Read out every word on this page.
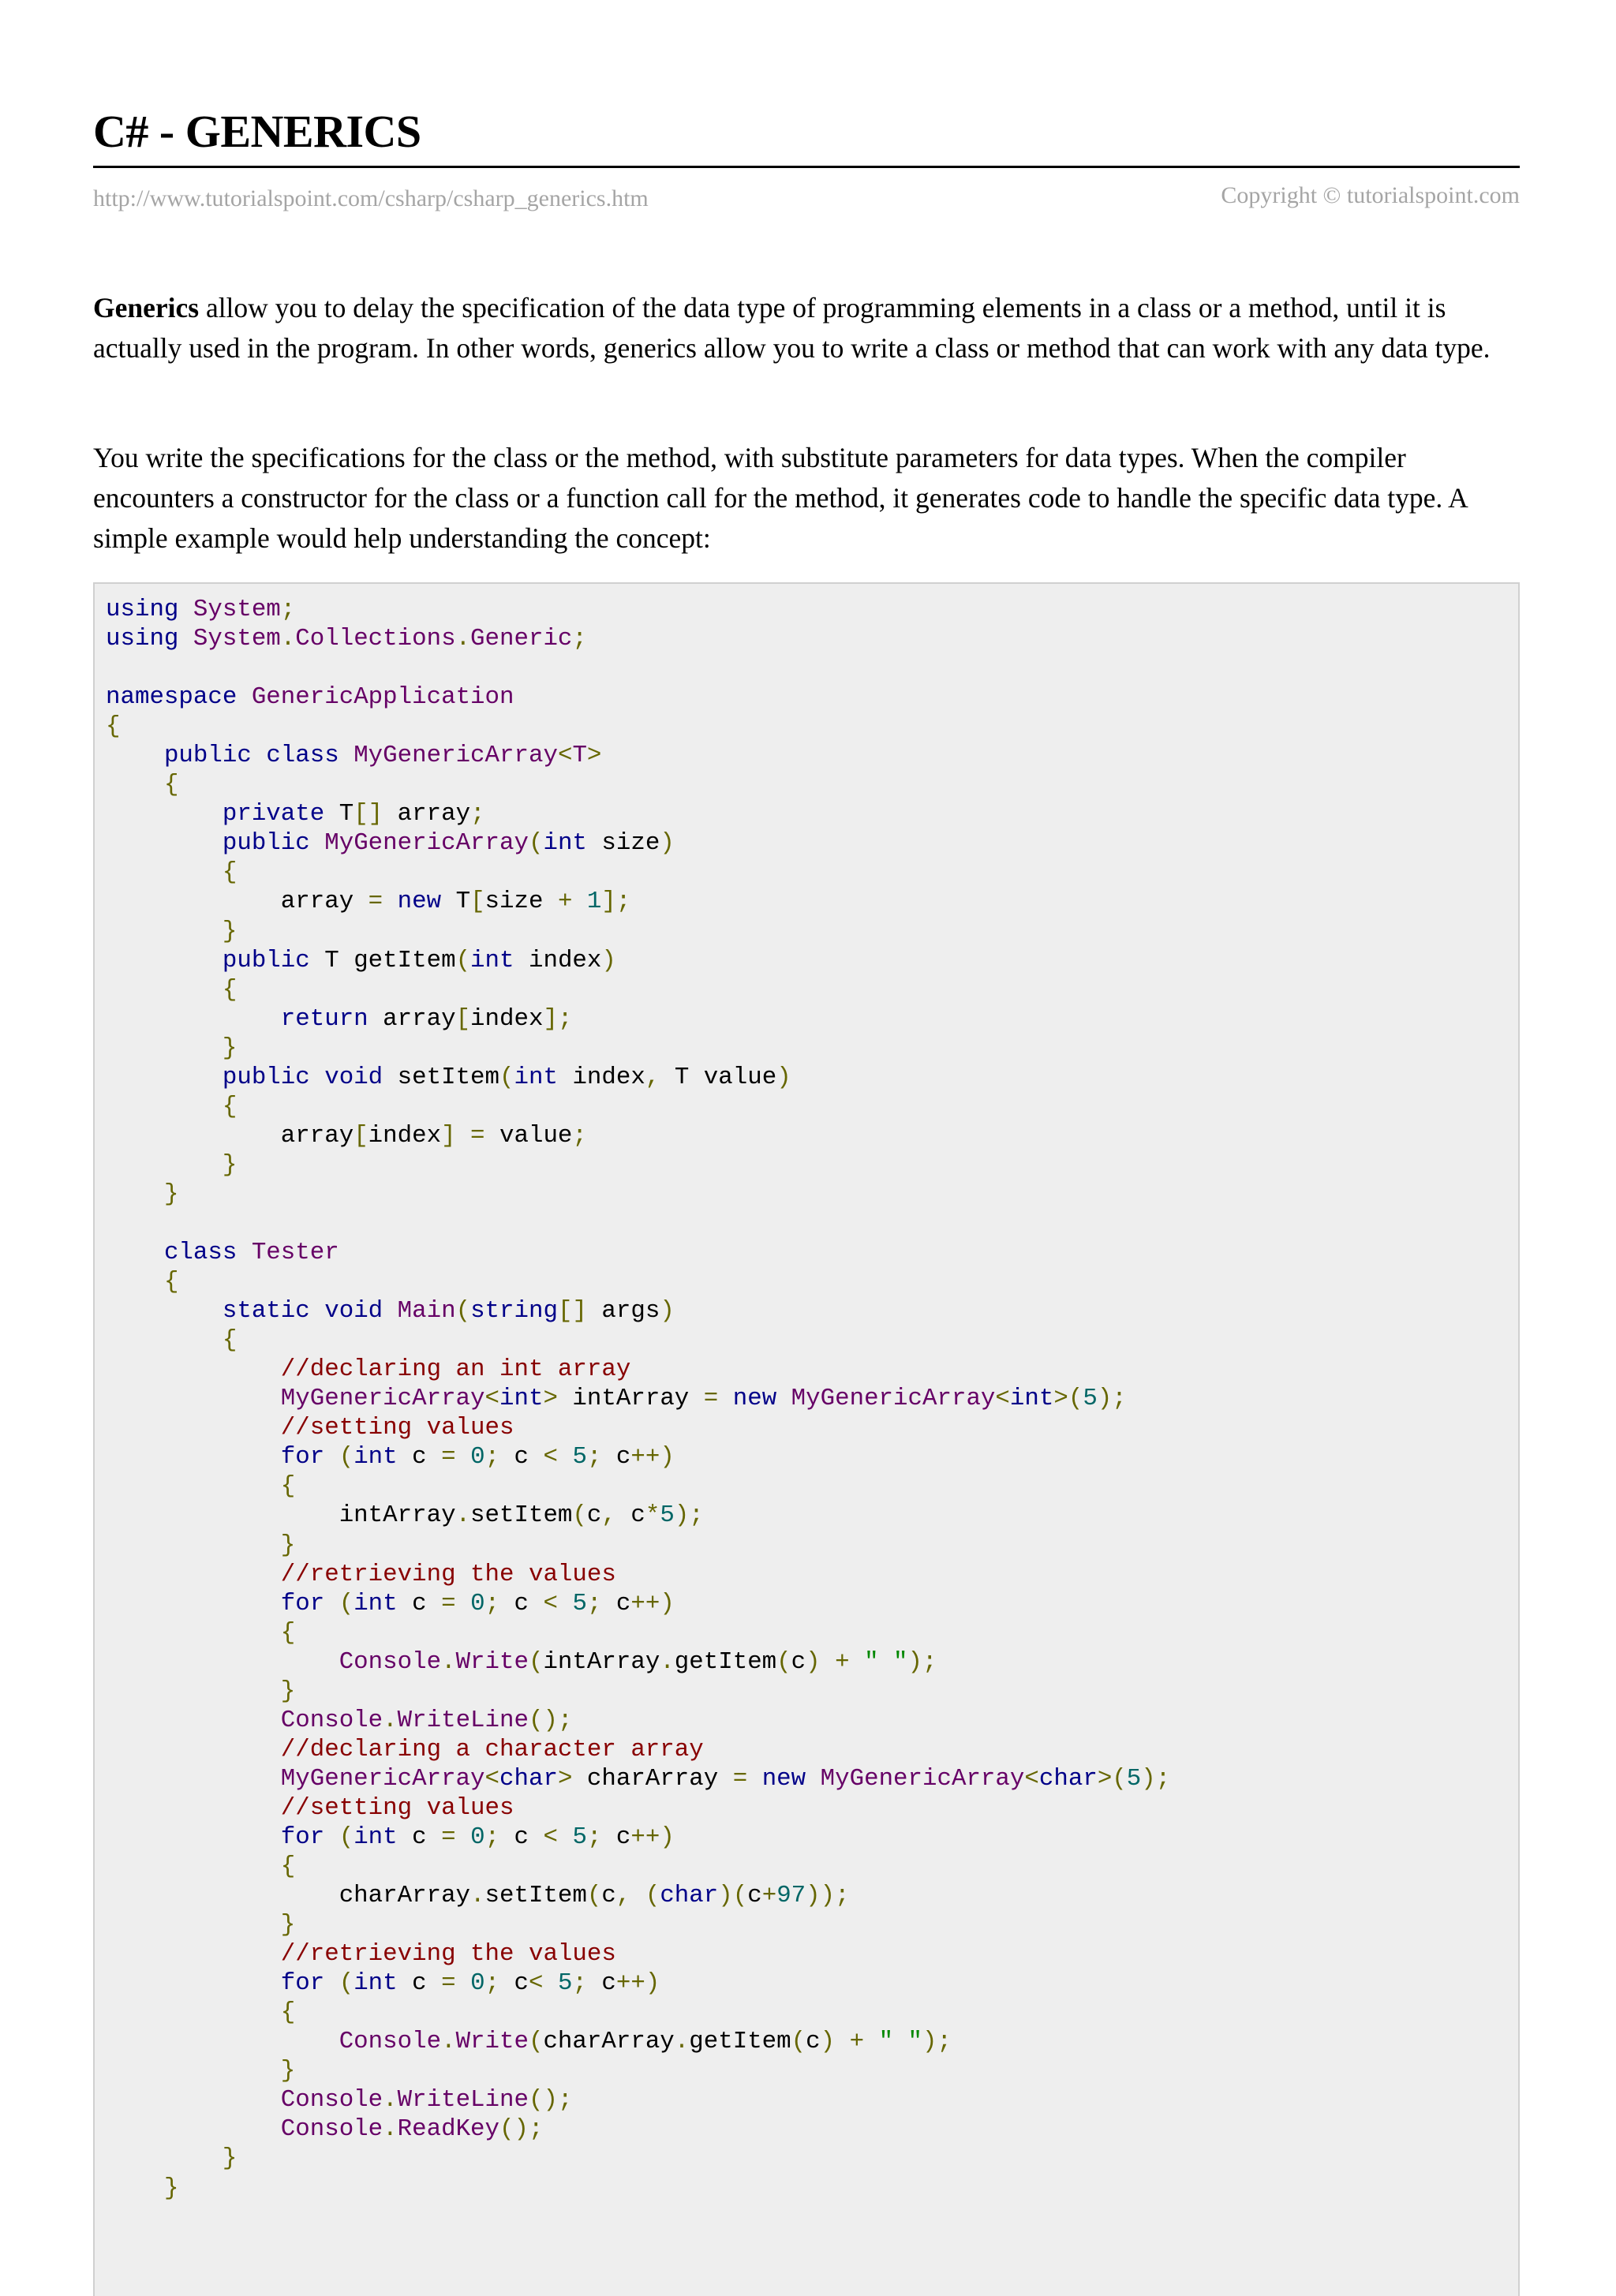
C# - GENERICS
http://www.tutorialspoint.com/csharp/csharp_generics.htm	Copyright © tutorialspoint.com

Generics allow you to delay the specification of the data type of programming elements in a class or a method, until it is actually used in the program. In other words, generics allow you to write a class or method that can work with any data type.

You write the specifications for the class or the method, with substitute parameters for data types. When the compiler encounters a constructor for the class or a function call for the method, it generates code to handle the specific data type. A simple example would help understanding the concept:

using System;
using System.Collections.Generic;
namespace GenericApplication
{
public class MyGenericArray<T>
{
private T[] array;
public MyGenericArray(int size)
{
array = new T[size + 1];
}
public T getItem(int index)
{
return array[index];
}
public void setItem(int index, T value)
{
array[index] = value;
}
}
class Tester
{
static void Main(string[] args)
{
//declaring an int array
MyGenericArray<int> intArray = new MyGenericArray<int>(5);
//setting values
for (int c = 0; c < 5; c++)
{
intArray.setItem(c, c*5);
}
//retrieving the values
for (int c = 0; c < 5; c++)
{
Console.Write(intArray.getItem(c) + " ");
}
Console.WriteLine();
//declaring a character array
MyGenericArray<char> charArray = new MyGenericArray<char>(5);
//setting values
for (int c = 0; c < 5; c++)
{
charArray.setItem(c, (char)(c+97));
}
//retrieving the values
for (int c = 0; c< 5; c++)
{
Console.Write(charArray.getItem(c) + " ");
}
Console.WriteLine();
Console.ReadKey();
}
}
